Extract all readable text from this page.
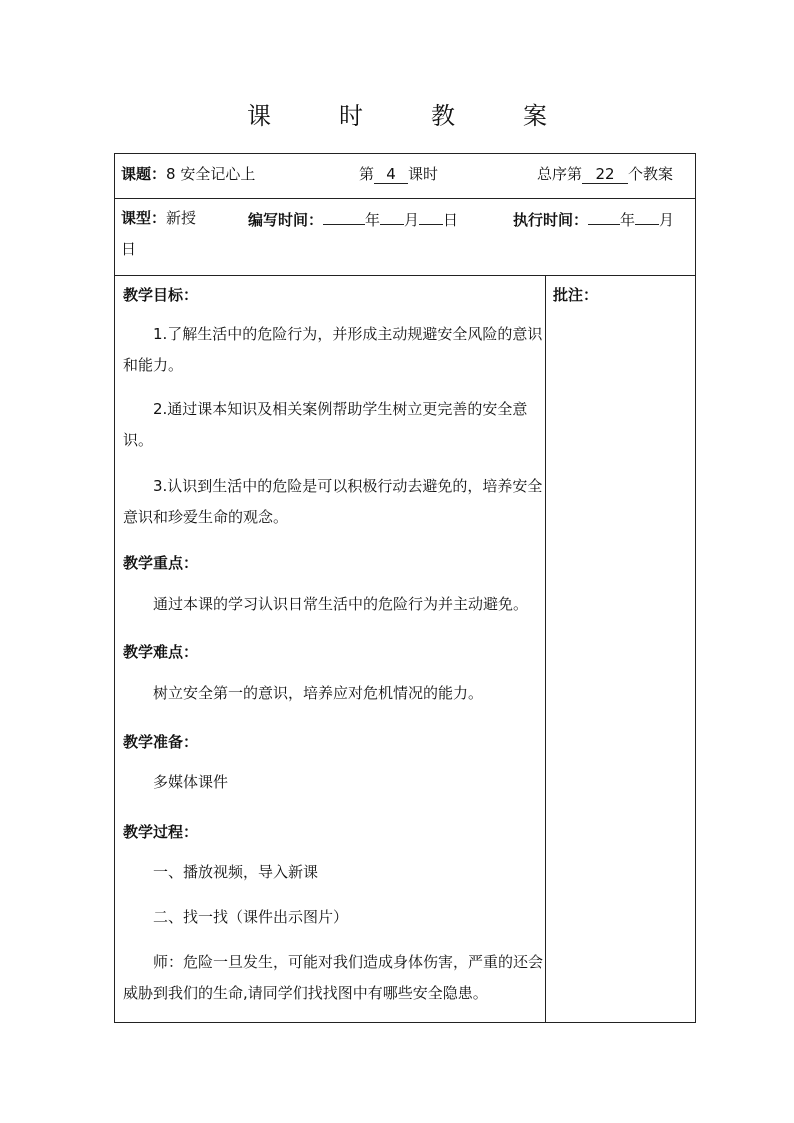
课	时	教	案
课题：8 安全记心上	第 4 课时	总序第 22 个教案
课型：新授	编写时间：	年 月 日	执行时间： 年 月
日
教学目标：
1.了解生活中的危险行为，并形成主动规避安全风险的意识和能力。
2.通过课本知识及相关案例帮助学生树立更完善的安全意识。
3.认识到生活中的危险是可以积极行动去避免的，培养安全意识和珍爱生命的观念。
教学重点：
通过本课的学习认识日常生活中的危险行为并主动避免。
教学难点：
树立安全第一的意识，培养应对危机情况的能力。
教学准备：
多媒体课件
教学过程：
一、播放视频，导入新课
二、找一找（课件出示图片）
师：危险一旦发生，可能对我们造成身体伤害，严重的还会威胁到我们的生命,请同学们找找图中有哪些安全隐患。
批注：
